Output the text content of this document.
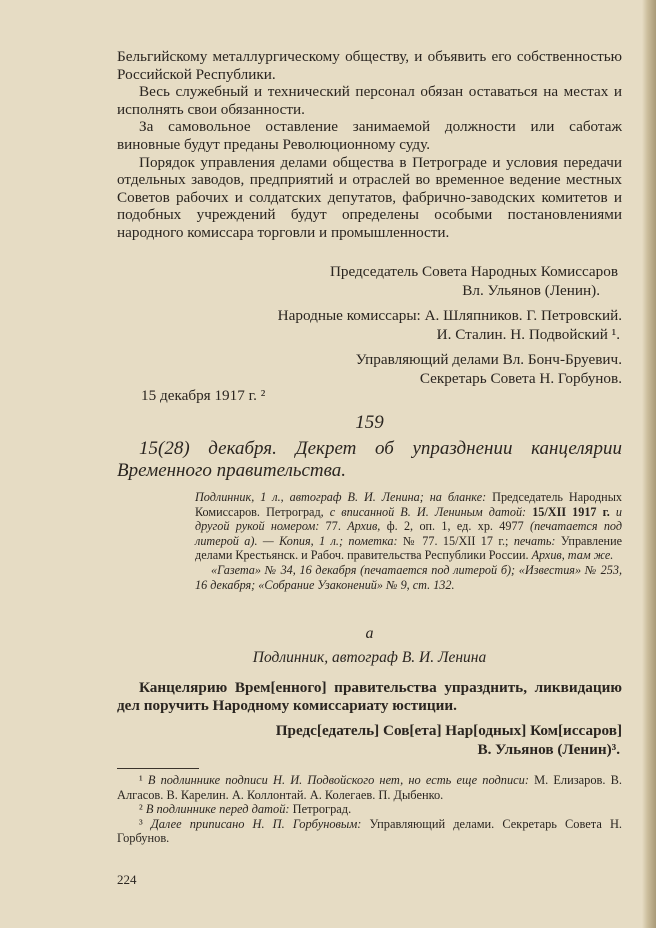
Бельгийскому металлургическому обществу, и объявить его собственностью Российской Республики.

Весь служебный и технический персонал обязан оставаться на местах и исполнять свои обязанности.

За самовольное оставление занимаемой должности или саботаж виновные будут преданы Революционному суду.

Порядок управления делами общества в Петрограде и условия передачи отдельных заводов, предприятий и отраслей во временное ведение местных Советов рабочих и солдатских депутатов, фабрично-заводских комитетов и подобных учреждений будут определены особыми постановлениями народного комиссара торговли и промышленности.

Председатель Совета Народных Комиссаров
Вл. Ульянов (Ленин).
Народные комиссары: А. Шляпников. Г. Петровский.
И. Сталин. Н. Подвойский ¹.
Управляющий делами Вл. Бонч-Бруевич.
Секретарь Совета Н. Горбунов.
15 декабря 1917 г. ²
159

15(28) декабря. Декрет об упразднении канцелярии Временного правительства.

Подлинник, 1 л., автограф В. И. Ленина; на бланке: Председатель Народных Комиссаров. Петроград, с вписанной В. И. Лениным датой: 15/XII 1917 г. и другой рукой номером: 77. Архив, ф. 2, оп. 1, ед. хр. 4977 (печатается под литерой а). — Копия, 1 л.; пометка: № 77. 15/XII 17 г.; печать: Управление делами Крестьянск. и Рабоч. правительства Республики России. Архив, там же.
«Газета» № 34, 16 декабря (печатается под литерой б); «Известия» № 253, 16 декабря; «Собрание Узаконений» № 9, ст. 132.

а
Подлинник, автограф В. И. Ленина

Канцелярию Врем[енного] правительства упразднить, ликвидацию дел поручить Народному комиссариату юстиции.

Предс[едатель] Сов[ета] Нар[одных] Ком[иссаров]
В. Ульянов (Ленин)³.

¹ В подлиннике подписи Н. И. Подвойского нет, но есть еще подписи: М. Елизаров. В. Алгасов. В. Карелин. А. Коллонтай. А. Колегаев. П. Дыбенко.

² В подлиннике перед датой: Петроград.

³ Далее приписано Н. П. Горбуновым: Управляющий делами. Секретарь Совета Н. Горбунов.

224
